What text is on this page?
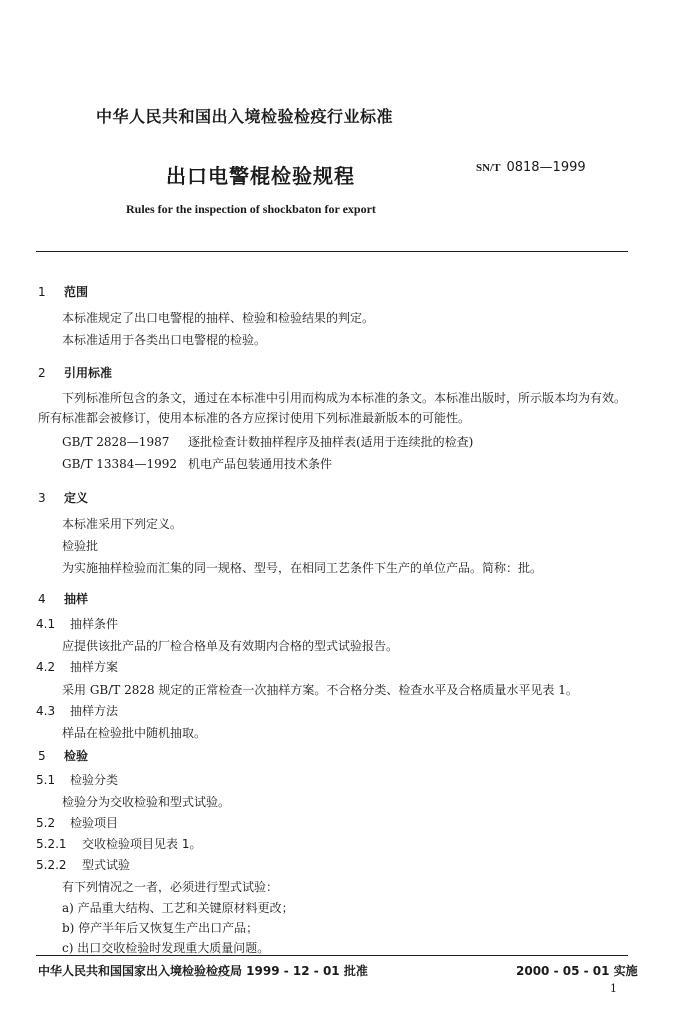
中华人民共和国出入境检验检疫行业标准
出口电警棍检验规程	SN/T 0818—1999
Rules for the inspection of shockbaton for export
1 范围
本标准规定了出口电警棍的抽样、检验和检验结果的判定。
本标准适用于各类出口电警棍的检验。
2 引用标准
下列标准所包含的条文，通过在本标准中引用而构成为本标准的条文。本标准出版时，所示版本均为有效。所有标准都会被修订，使用本标准的各方应探讨使用下列标准最新版本的可能性。
GB/T 2828—1987 逐批检查计数抽样程序及抽样表(适用于连续批的检查)
GB/T 13384—1992 机电产品包装通用技术条件
3 定义
本标准采用下列定义。
检验批
为实施抽样检验而汇集的同一规格、型号，在相同工艺条件下生产的单位产品。简称：批。
4 抽样
4.1 抽样条件
应提供该批产品的厂检合格单及有效期内合格的型式试验报告。
4.2 抽样方案
采用 GB/T 2828 规定的正常检查一次抽样方案。不合格分类、检查水平及合格质量水平见表 1。
4.3 抽样方法
样品在检验批中随机抽取。
5 检验
5.1 检验分类
检验分为交收检验和型式试验。
5.2 检验项目
5.2.1 交收检验项目见表 1。
5.2.2 型式试验
有下列情况之一者，必须进行型式试验：
a) 产品重大结构、工艺和关键原材料更改；
b) 停产半年后又恢复生产出口产品；
c) 出口交收检验时发现重大质量问题。
中华人民共和国国家出入境检验检疫局 1999 - 12 - 01 批准	2000 - 05 - 01 实施
1
